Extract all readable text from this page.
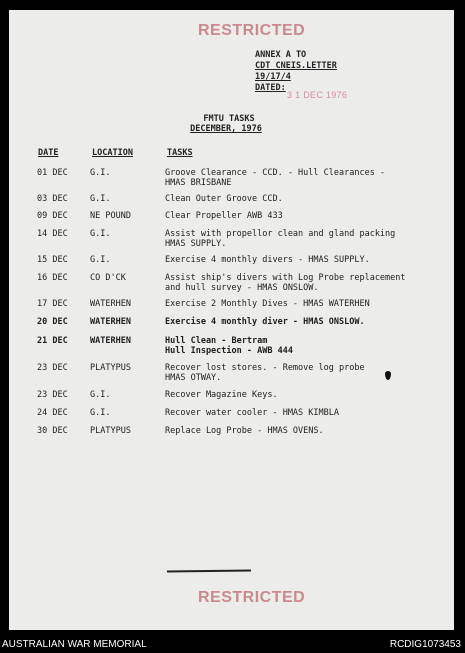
RESTRICTED
ANNEX A TO
CDT CNEIS.LETTER
19/17/4
DATED:
3 1 DEC 1976
FMTU TASKS
DECEMBER, 1976
DATE	LOCATION	TASKS
01 DEC	G.I.	Groove Clearance - CCD. - Hull Clearances -
HMAS BRISBANE
03 DEC	G.I.	Clean Outer Groove CCD.
09 DEC	NE POUND	Clear Propeller AWB 433
14 DEC	G.I.	Assist with propellor clean and gland packing
HMAS SUPPLY.
15 DEC	G.I.	Exercise 4 monthly divers - HMAS SUPPLY.
16 DEC	CO D'CK	Assist ship's divers with Log Probe replacement
and hull survey - HMAS ONSLOW.
17 DEC	WATERHEN	Exercise 2 Monthly Dives - HMAS WATERHEN
20 DEC	WATERHEN	Exercise 4 monthly diver - HMAS ONSLOW.
21 DEC	WATERHEN	Hull Clean - Bertram
Hull Inspection - AWB 444
23 DEC	PLATYPUS	Recover lost stores. - Remove log probe
HMAS OTWAY.
23 DEC	G.I.	Recover Magazine Keys.
24 DEC	G.I.	Recover water cooler - HMAS KIMBLA
30 DEC	PLATYPUS	Replace Log Probe - HMAS OVENS.
RESTRICTED
AUSTRALIAN WAR MEMORIAL	RCDIG1073453
